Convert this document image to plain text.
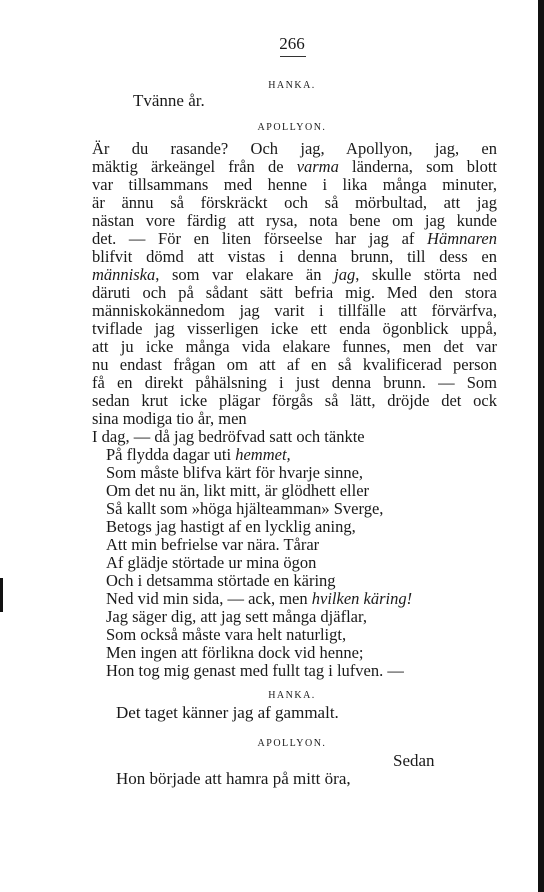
266
HANKA.
Tvänne år.
APOLLYON.
Är du rasande? Och jag, Apollyon, jag, en
mäktig ärkeängel från de varma länderna, som blott
var tillsammans med henne i lika många minuter,
är ännu så förskräckt och så mörbultad, att jag
nästan vore färdig att rysa, nota bene om jag kunde
det. — För en liten förseelse har jag af Hämnaren
blifvit dömd att vistas i denna brunn, till dess en
människa, som var elakare än jag, skulle störta ned
däruti och på sådant sätt befria mig. Med den stora
människokännedom jag varit i tillfälle att förvärfva,
tviflade jag visserligen icke ett enda ögonblick uppå,
att ju icke många vida elakare funnes, men det var
nu endast frågan om att af en så kvalificerad person
få en direkt påhälsning i just denna brunn. — Som
sedan krut icke plägar förgås så lätt, dröjde det ock
sina modiga tio år, men
I dag, — då jag bedröfvad satt och tänkte
På flydda dagar uti hemmet,
Som måste blifva kärt för hvarje sinne,
Om det nu än, likt mitt, är glödhett eller
Så kallt som »höga hjälteamman» Sverge,
Betogs jag hastigt af en lycklig aning,
Att min befrielse var nära. Tårar
Af glädje störtade ur mina ögon
Och i detsamma störtade en käring
Ned vid min sida, — ack, men hvilken käring!
Jag säger dig, att jag sett många djäflar,
Som också måste vara helt naturligt,
Men ingen att förlikna dock vid henne;
Hon tog mig genast med fullt tag i lufven. —
HANKA.
Det taget känner jag af gammalt.
APOLLYON.
Sedan
Hon började att hamra på mitt öra,
